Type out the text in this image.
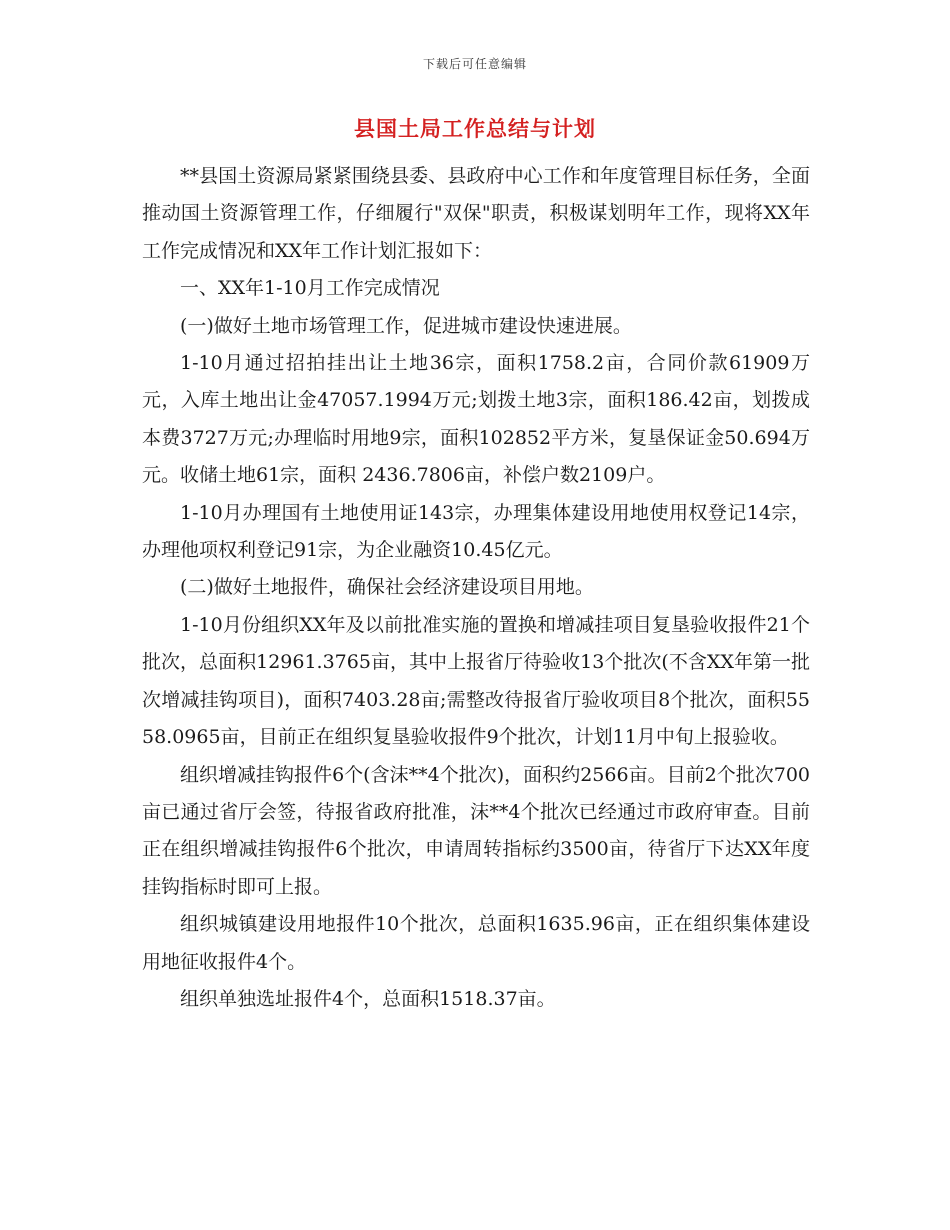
下载后可任意编辑
县国土局工作总结与计划

**县国土资源局紧紧围绕县委、县政府中心工作和年度管理目标任务，全面推动国土资源管理工作，仔细履行"双保"职责，积极谋划明年工作，现将XX年工作完成情况和XX年工作计划汇报如下：

一、XX年1-10月工作完成情况

(一)做好土地市场管理工作，促进城市建设快速进展。

1-10月通过招拍挂出让土地36宗，面积1758.2亩，合同价款61909万元，入库土地出让金47057.1994万元;划拨土地3宗，面积186.42亩，划拨成本费3727万元;办理临时用地9宗，面积102852平方米，复垦保证金50.694万元。收储土地61宗，面积 2436.7806亩，补偿户数2109户。

1-10月办理国有土地使用证143宗，办理集体建设用地使用权登记14宗，办理他项权利登记91宗，为企业融资10.45亿元。

(二)做好土地报件，确保社会经济建设项目用地。

1-10月份组织XX年及以前批准实施的置换和增减挂项目复垦验收报件21个批次，总面积12961.3765亩，其中上报省厅待验收13个批次(不含XX年第一批次增减挂钩项目)，面积7403.28亩;需整改待报省厅验收项目8个批次，面积5558.0965亩，目前正在组织复垦验收报件9个批次，计划11月中旬上报验收。

组织增减挂钩报件6个(含沫**4个批次)，面积约2566亩。目前2个批次700亩已通过省厅会签，待报省政府批准，沫**4个批次已经通过市政府审查。目前正在组织增减挂钩报件6个批次，申请周转指标约3500亩，待省厅下达XX年度挂钩指标时即可上报。

组织城镇建设用地报件10个批次，总面积1635.96亩，正在组织集体建设用地征收报件4个。

组织单独选址报件4个，总面积1518.37亩。
